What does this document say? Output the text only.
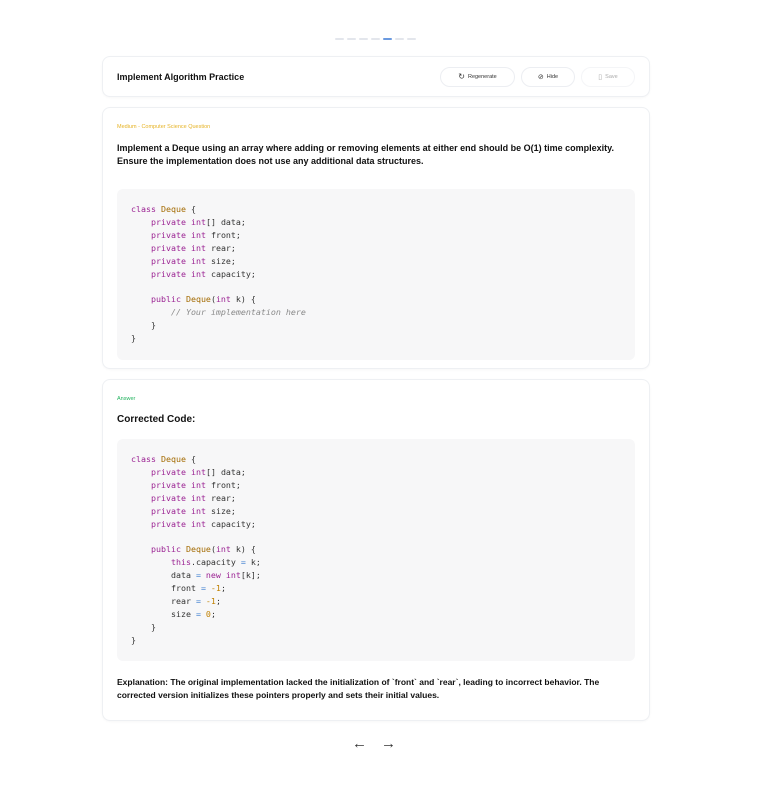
Implement Algorithm Practice	↻ Regenerate	⊘ Hide	▯ Save
Medium - Computer Science Question
Implement a Deque using an array where adding or removing elements at either end should be O(1) time complexity. Ensure the implementation does not use any additional data structures.
class Deque {
private int[] data;
private int front;
private int rear;
private int size;
private int capacity;

public Deque(int k) {
// Your implementation here
}
}
Answer
Corrected Code:
class Deque {
private int[] data;
private int front;
private int rear;
private int size;
private int capacity;

public Deque(int k) {
this.capacity = k;
data = new int[k];
front = -1;
rear = -1;
size = 0;
}
}
Explanation: The original implementation lacked the initialization of `front` and `rear`, leading to incorrect behavior. The corrected version initializes these pointers properly and sets their initial values.
← →
